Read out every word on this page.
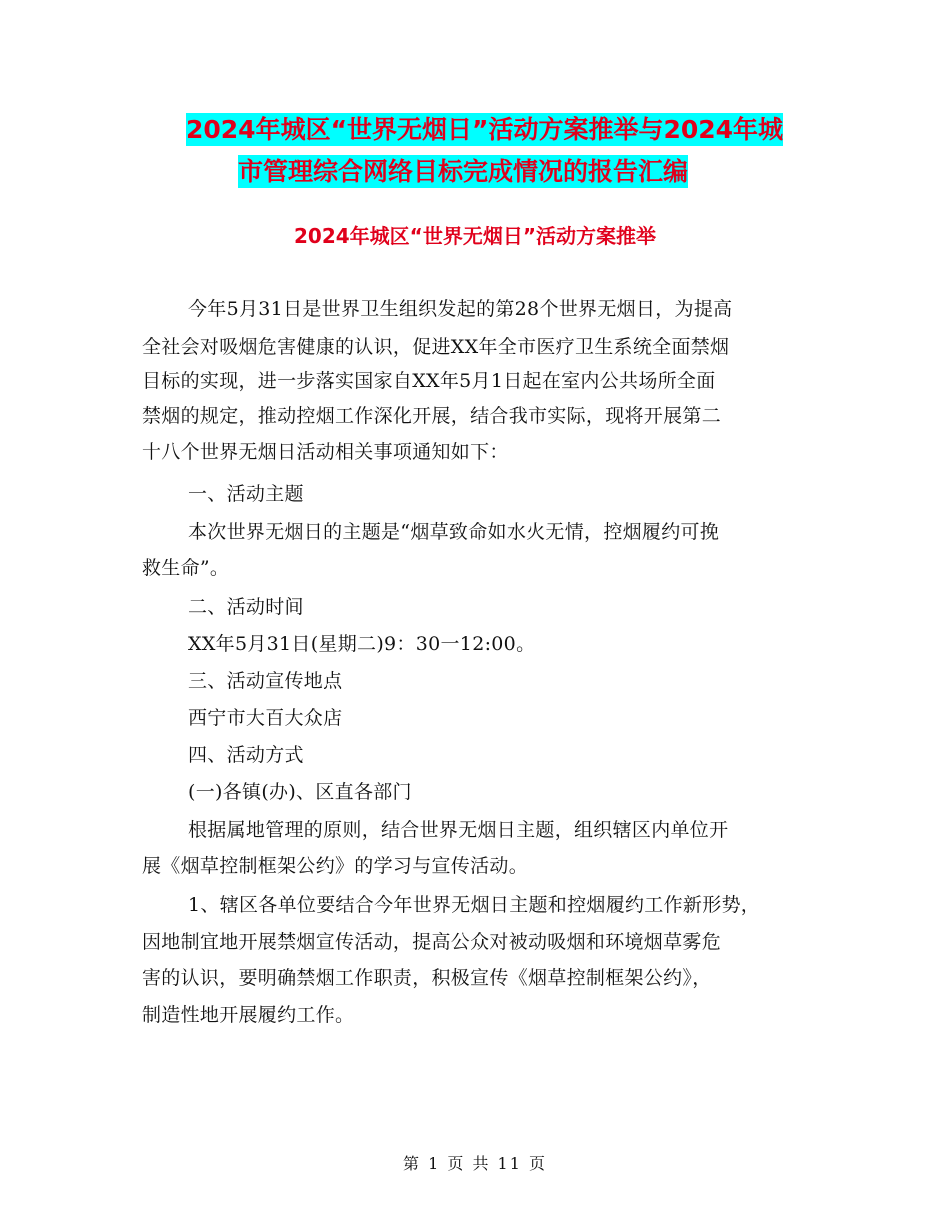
2024年城区“世界无烟日”活动方案推举与2024年城
市管理综合网络目标完成情况的报告汇编
2024年城区“世界无烟日”活动方案推举
今年5月31日是世界卫生组织发起的第28个世界无烟日，为提高
全社会对吸烟危害健康的认识，促进XX年全市医疗卫生系统全面禁烟
目标的实现，进一步落实国家自XX年5月1日起在室内公共场所全面
禁烟的规定，推动控烟工作深化开展，结合我市实际，现将开展第二
十八个世界无烟日活动相关事项通知如下：
一、活动主题
本次世界无烟日的主题是“烟草致命如水火无情，控烟履约可挽
救生命”。
二、活动时间
XX年5月31日(星期二)9：30一12:00。
三、活动宣传地点
西宁市大百大众店
四、活动方式
(一)各镇(办)、区直各部门
根据属地管理的原则，结合世界无烟日主题，组织辖区内单位开
展《烟草控制框架公约》的学习与宣传活动。
1、辖区各单位要结合今年世界无烟日主题和控烟履约工作新形势，
因地制宜地开展禁烟宣传活动，提高公众对被动吸烟和环境烟草雾危
害的认识，要明确禁烟工作职责，积极宣传《烟草控制框架公约》，
制造性地开展履约工作。
第 1 页 共 11 页
